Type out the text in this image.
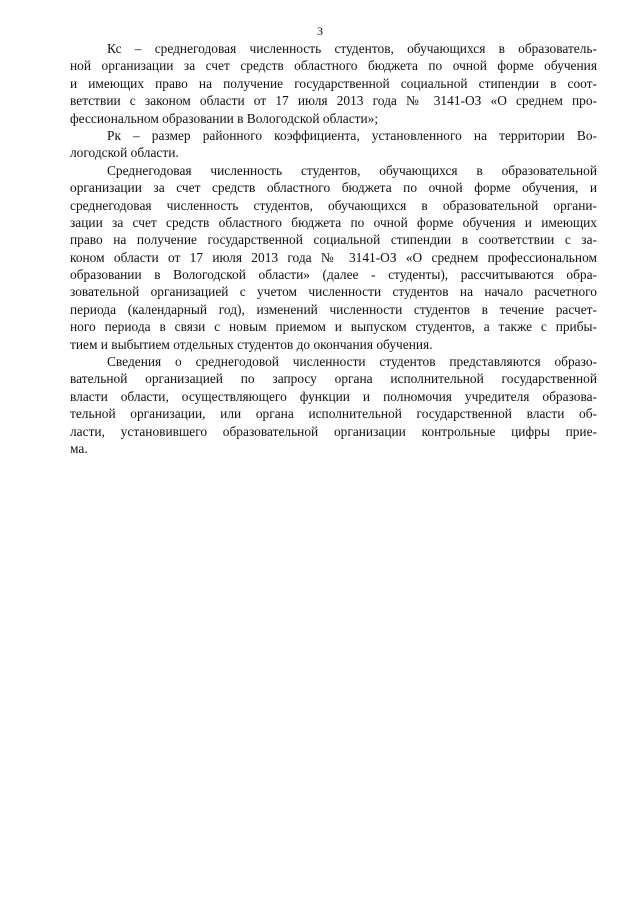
3
Кс – среднегодовая численность студентов, обучающихся в образователь-
ной организации за счет средств областного бюджета по очной форме обучения
и имеющих право на получение государственной социальной стипендии в соот-
ветствии с законом области от 17 июля 2013 года № 3141-ОЗ «О среднем про-
фессиональном образовании в Вологодской области»;
Рк – размер районного коэффициента, установленного на территории Во-
логодской области.
Среднегодовая численность студентов, обучающихся в образовательной
организации за счет средств областного бюджета по очной форме обучения, и
среднегодовая численность студентов, обучающихся в образовательной органи-
зации за счет средств областного бюджета по очной форме обучения и имеющих
право на получение государственной социальной стипендии в соответствии с за-
коном области от 17 июля 2013 года № 3141-ОЗ «О среднем профессиональном
образовании в Вологодской области» (далее - студенты), рассчитываются обра-
зовательной организацией с учетом численности студентов на начало расчетного
периода (календарный год), изменений численности студентов в течение расчет-
ного периода в связи с новым приемом и выпуском студентов, а также с прибы-
тием и выбытием отдельных студентов до окончания обучения.
Сведения о среднегодовой численности студентов представляются образо-
вательной организацией по запросу органа исполнительной государственной
власти области, осуществляющего функции и полномочия учредителя образова-
тельной организации, или органа исполнительной государственной власти об-
ласти, установившего образовательной организации контрольные цифры прие-
ма.
